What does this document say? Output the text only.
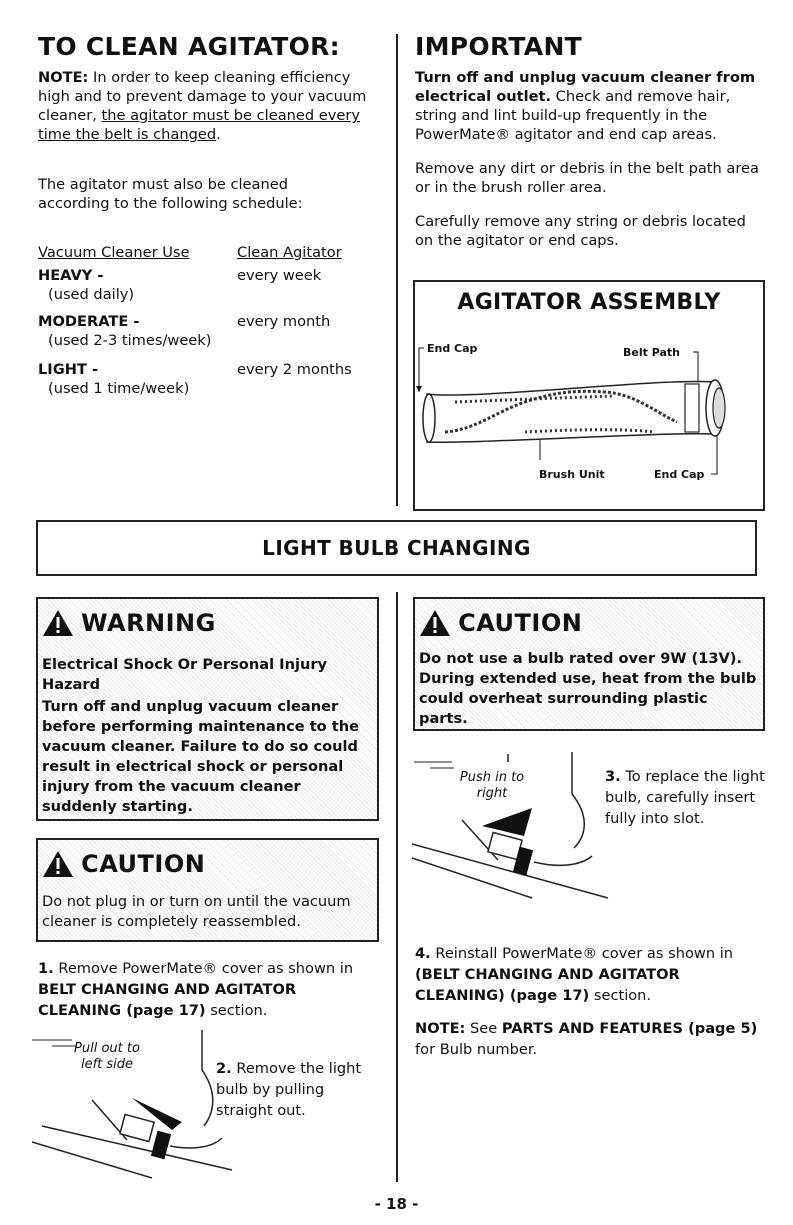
TO CLEAN AGITATOR:
NOTE: In order to keep cleaning efficiency high and to prevent damage to your vacuum cleaner, the agitator must be cleaned every time the belt is changed.
The agitator must also be cleaned according to the following schedule:
Vacuum Cleaner Use	Clean Agitator
HEAVY -	every week
(used daily)
MODERATE -	every month
(used 2-3 times/week)
LIGHT -	every 2 months
(used 1 time/week)
IMPORTANT
Turn off and unplug vacuum cleaner from electrical outlet. Check and remove hair, string and lint build-up frequently in the PowerMate® agitator and end cap areas.
Remove any dirt or debris in the belt path area or in the brush roller area.
Carefully remove any string or debris located on the agitator or end caps.
AGITATOR ASSEMBLY
End Cap	Belt Path
Brush Unit	End Cap
LIGHT BULB CHANGING
WARNING
Electrical Shock Or Personal Injury Hazard
Turn off and unplug vacuum cleaner before performing maintenance to the vacuum cleaner. Failure to do so could result in electrical shock or personal injury from the vacuum cleaner suddenly starting.
CAUTION
Do not plug in or turn on until the vacuum cleaner is completely reassembled.
1. Remove PowerMate® cover as shown in BELT CHANGING AND AGITATOR CLEANING (page 17) section.
Pull out to left side	2. Remove the light bulb by pulling straight out.
CAUTION
Do not use a bulb rated over 9W (13V). During extended use, heat from the bulb could overheat surrounding plastic parts.
Push in to right
3. To replace the light bulb, carefully insert fully into slot.
4. Reinstall PowerMate® cover as shown in (BELT CHANGING AND AGITATOR CLEANING) (page 17) section.
NOTE: See PARTS AND FEATURES (page 5) for Bulb number.
- 18 -
